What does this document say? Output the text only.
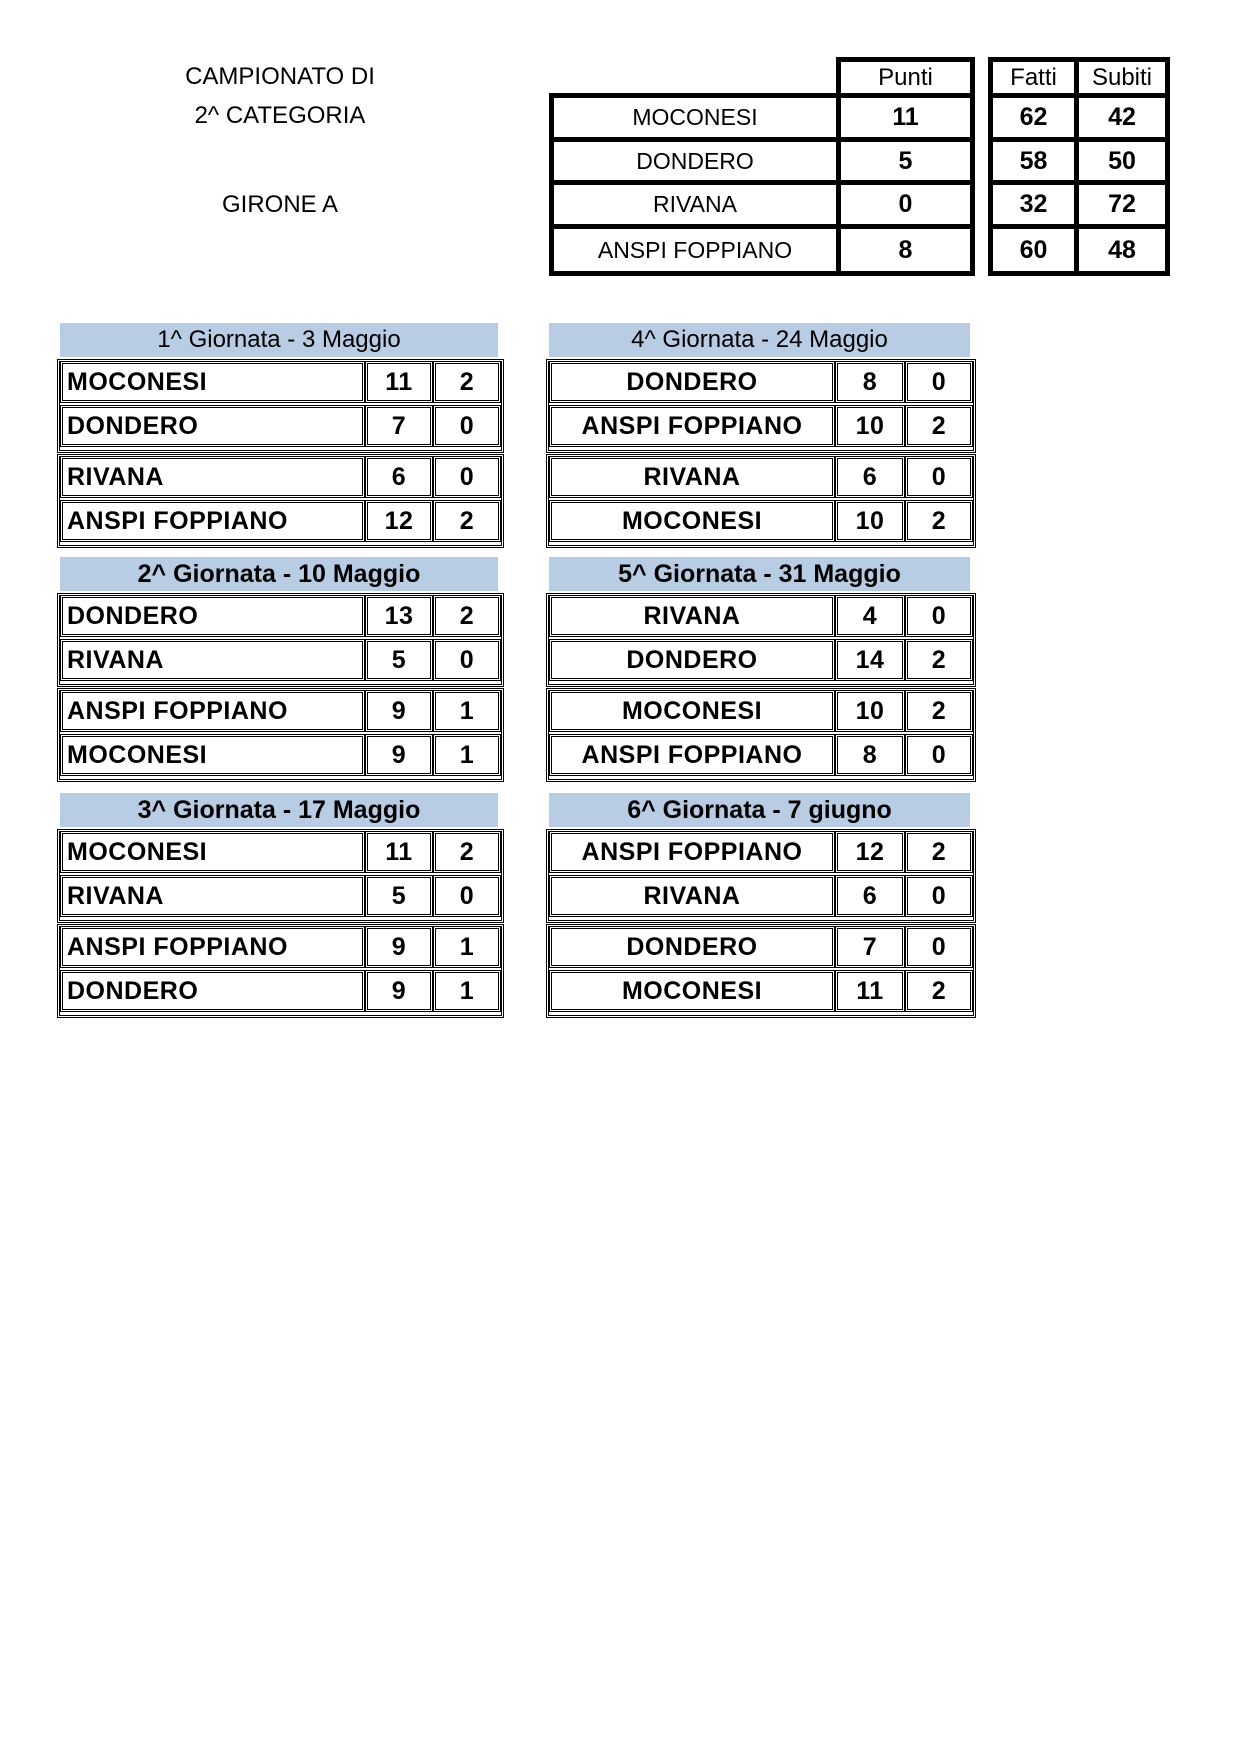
CAMPIONATO DI
2^ CATEGORIA
GIRONE A
Punti	Fatti	Subiti
MOCONESI	11	62	42
DONDERO	5	58	50
RIVANA	0	32	72
ANSPI FOPPIANO	8	60	48
1^ Giornata - 3 Maggio
MOCONESI	11	2
DONDERO	7	0
RIVANA	6	0
ANSPI FOPPIANO	12	2
2^ Giornata - 10 Maggio
DONDERO	13	2
RIVANA	5	0
ANSPI FOPPIANO	9	1
MOCONESI	9	1
3^ Giornata - 17 Maggio
MOCONESI	11	2
RIVANA	5	0
ANSPI FOPPIANO	9	1
DONDERO	9	1
4^ Giornata - 24 Maggio
DONDERO	8	0
ANSPI FOPPIANO	10	2
RIVANA	6	0
MOCONESI	10	2
5^ Giornata - 31 Maggio
RIVANA	4	0
DONDERO	14	2
MOCONESI	10	2
ANSPI FOPPIANO	8	0
6^ Giornata - 7 giugno
ANSPI FOPPIANO	12	2
RIVANA	6	0
DONDERO	7	0
MOCONESI	11	2
